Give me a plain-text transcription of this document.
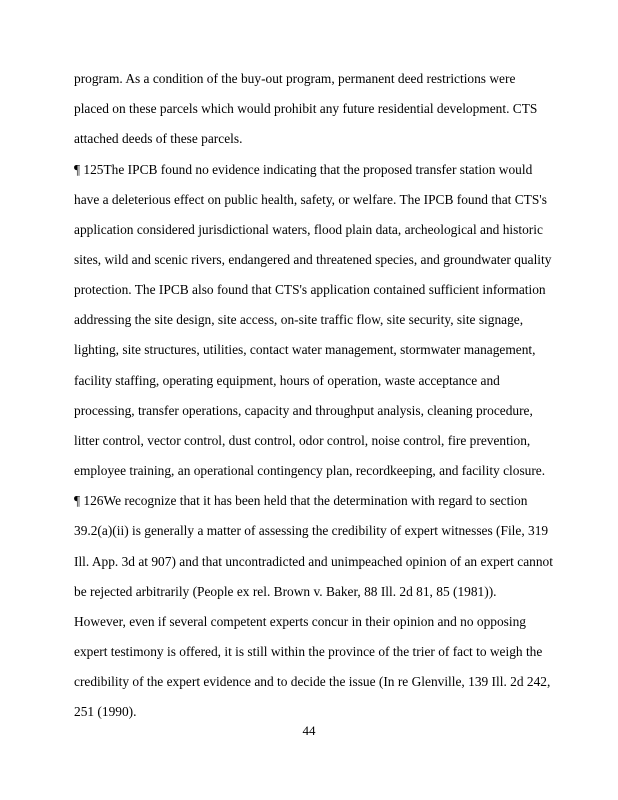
program. As a condition of the buy-out program, permanent deed restrictions were
placed on these parcels which would prohibit any future residential development. CTS
attached deeds of these parcels.
¶ 125The IPCB found no evidence indicating that the proposed transfer station would
have a deleterious effect on public health, safety, or welfare. The IPCB found that CTS's
application considered jurisdictional waters, flood plain data, archeological and historic
sites, wild and scenic rivers, endangered and threatened species, and groundwater quality
protection. The IPCB also found that CTS's application contained sufficient information
addressing the site design, site access, on-site traffic flow, site security, site signage,
lighting, site structures, utilities, contact water management, stormwater management,
facility staffing, operating equipment, hours of operation, waste acceptance and
processing, transfer operations, capacity and throughput analysis, cleaning procedure,
litter control, vector control, dust control, odor control, noise control, fire prevention,
employee training, an operational contingency plan, recordkeeping, and facility closure.
¶ 126We recognize that it has been held that the determination with regard to section
39.2(a)(ii) is generally a matter of assessing the credibility of expert witnesses (File, 319
Ill. App. 3d at 907) and that uncontradicted and unimpeached opinion of an expert cannot
be rejected arbitrarily (People ex rel. Brown v. Baker, 88 Ill. 2d 81, 85 (1981)).
However, even if several competent experts concur in their opinion and no opposing
expert testimony is offered, it is still within the province of the trier of fact to weigh the
credibility of the expert evidence and to decide the issue (In re Glenville, 139 Ill. 2d 242,
251 (1990).
44
